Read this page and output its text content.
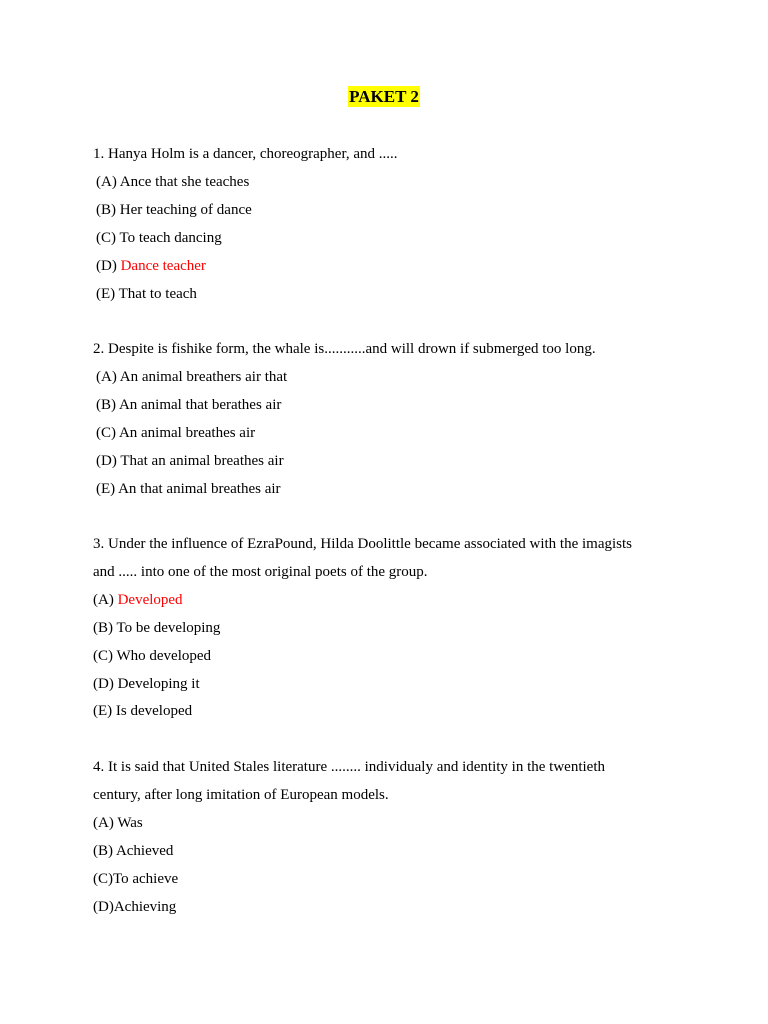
PAKET 2
1. Hanya Holm is a dancer, choreographer, and .....
(A) Ance that she teaches
(B) Her teaching of dance
(C) To teach dancing
(D) Dance teacher
(E) That to teach
2. Despite is fishike form, the whale is...........and will drown if submerged too long.
(A) An animal breathers air that
(B) An animal that berathes air
(C) An animal breathes air
(D) That an animal breathes air
(E) An that animal breathes air
3. Under the influence of EzraPound, Hilda Doolittle became associated with the imagists
and ..... into one of the most original poets of the group.
(A) Developed
(B) To be developing
(C) Who developed
(D) Developing it
(E) Is developed
4. It is said that United Stales literature ........ individualy and identity in the twentieth
century, after long imitation of European models.
(A) Was
(B) Achieved
(C)To achieve
(D)Achieving
